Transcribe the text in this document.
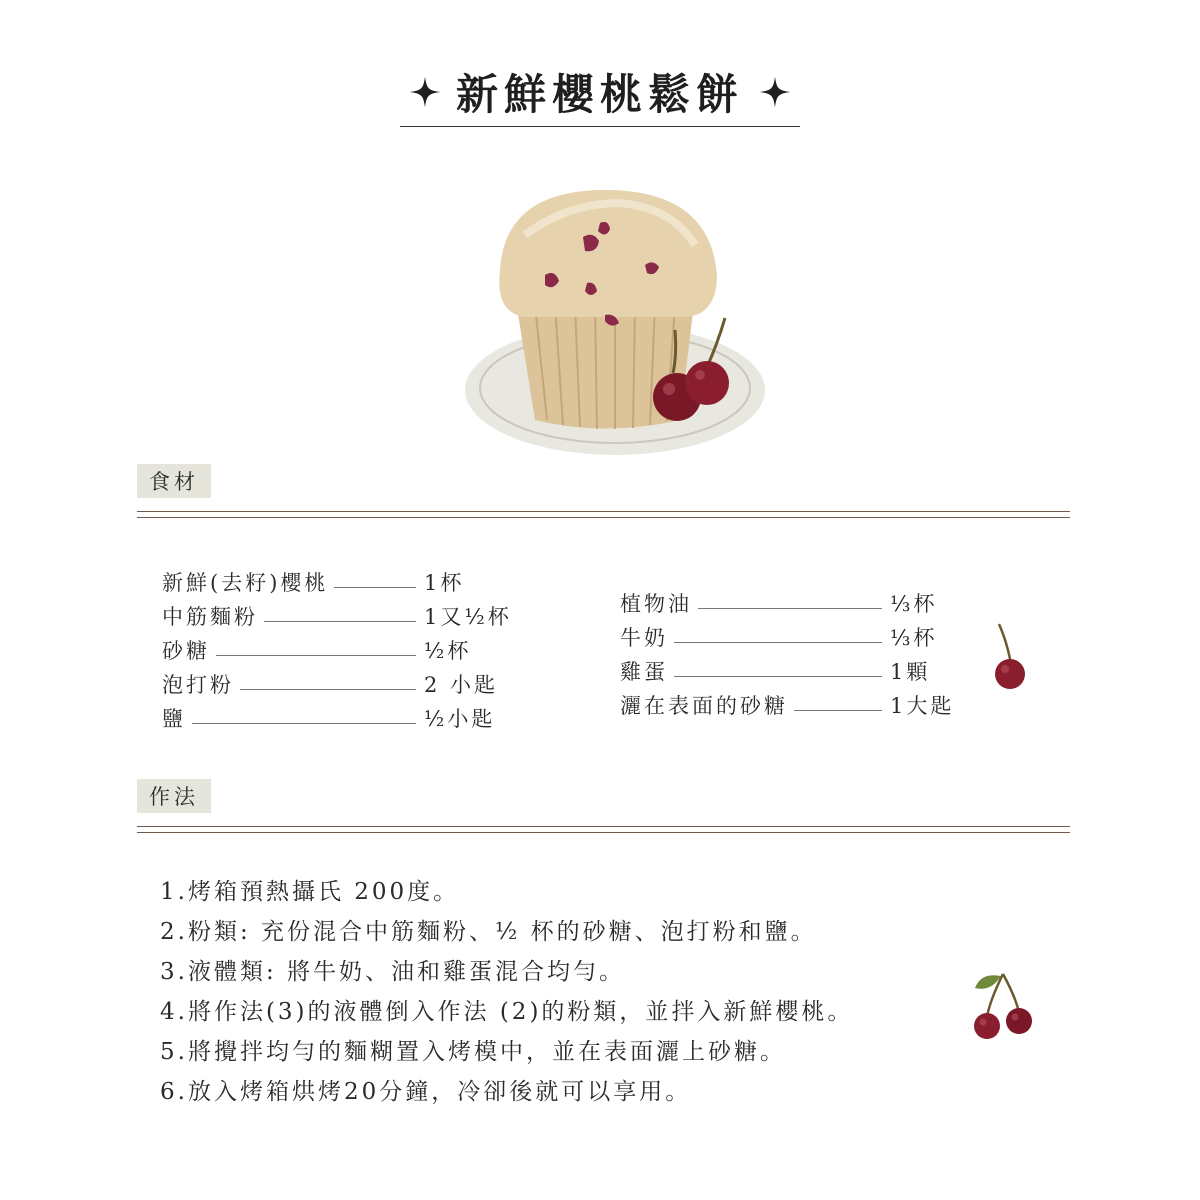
新鮮櫻桃鬆餅
食材
新鮮(去籽)櫻桃	1杯
中筋麵粉	1又½杯
砂糖	½杯
泡打粉	2 小匙
鹽	½小匙
植物油	⅓杯
牛奶	⅓杯
雞蛋	1顆
灑在表面的砂糖	1大匙
作法
1.烤箱預熱攝氏 200度。
2.粉類: 充份混合中筋麵粉、½ 杯的砂糖、泡打粉和鹽。
3.液體類: 將牛奶、油和雞蛋混合均勻。
4.將作法(3)的液體倒入作法 (2)的粉類，並拌入新鮮櫻桃。
5.將攪拌均勻的麵糊置入烤模中，並在表面灑上砂糖。
6.放入烤箱烘烤20分鐘，冷卻後就可以享用。
